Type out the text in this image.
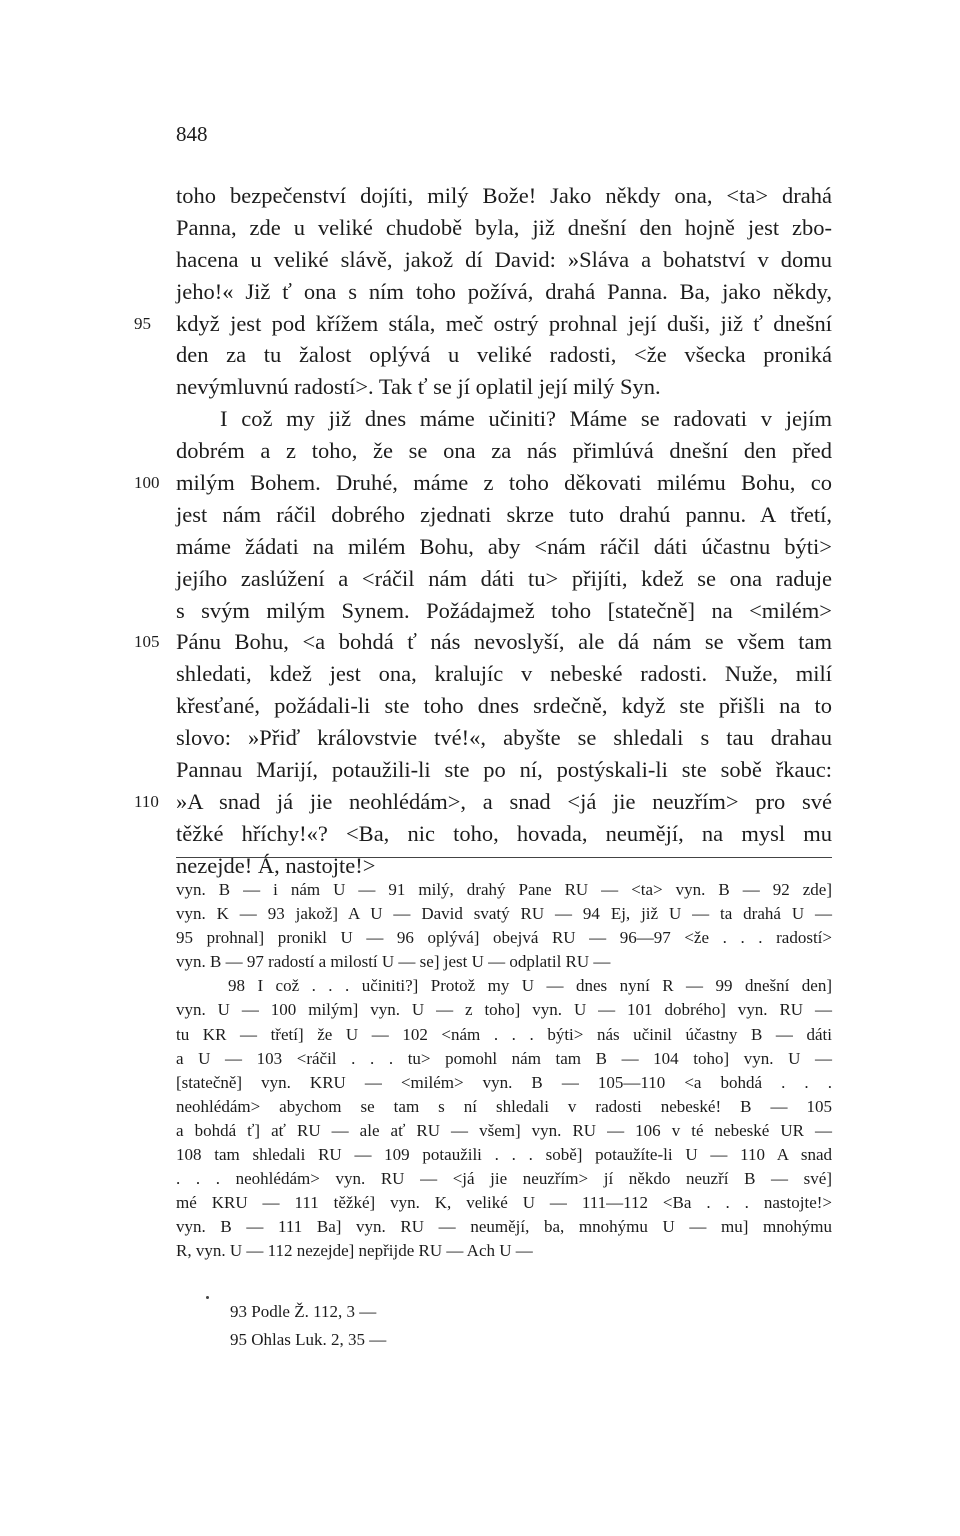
848
toho bezpečenství dojíti, milý Bože! Jako někdy ona, <ta> drahá
Panna, zde u veliké chudobě byla, již dnešní den hojně jest zbo-
hacena u veliké slávě, jakož dí David: »Sláva a bohatství v domu
jeho!« Již ť ona s ním toho požívá, drahá Panna. Ba, jako někdy,
95	když jest pod křížem stála, meč ostrý prohnal její duši, již ť dnešní
den za tu žalost oplývá u veliké radosti, <že všecka proniká
nevýmluvnú radostí>. Tak ť se jí oplatil její milý Syn.
I což my již dnes máme učiniti? Máme se radovati v jejím
dobrém a z toho, že se ona za nás přimlúvá dnešní den před
100 milým Bohem. Druhé, máme z toho děkovati milému Bohu, co
jest nám ráčil dobrého zjednati skrze tuto drahú pannu. A třetí,
máme žádati na milém Bohu, aby <nám ráčil dáti účastnu býti>
jejího zaslúžení a <ráčil nám dáti tu> přijíti, kdež se ona raduje
s svým milým Synem. Požádajmež toho [statečně] na <milém>
105 Pánu Bohu, <a bohdá ť nás nevoslyší, ale dá nám se všem tam
shledati, kdež jest ona, kralujíc v nebeské radosti. Nuže, milí
křesťané, požádali-li ste toho dnes srdečně, když ste přišli na to
slovo: »Přiď královstvie tvé!«, abyšte se shledali s tau drahau
Pannau Marijí, potaužili-li ste po ní, postýskali-li ste sobě řkauc:
110 »A snad já jie neohlédám>, a snad <já jie neuzřím> pro své
těžké hříchy!«? <Ba, nic toho, hovada, neumějí, na mysl mu
nezejde! Á, nastojte!>
vyn. B — i nám U — 91 milý, drahý Pane RU — <ta> vyn. B — 92 zde]
vyn. K — 93 jakož] A U — David svatý RU — 94 Ej, již U — ta drahá U —
95 prohnal] pronikl U — 96 oplývá] obejvá RU — 96—97 <že . . . radostí>
vyn. B — 97 radostí a milostí U — se] jest U — odplatil RU —
98 I což . . . učiniti?] Protož my U — dnes nyní R — 99 dnešní den]
vyn. U — 100 milým] vyn. U — z toho] vyn. U — 101 dobrého] vyn. RU —
tu KR — třetí] že U — 102 <nám . . . býti> nás učinil účastny B — dáti
a U — 103 <ráčil . . . tu> pomohl nám tam B — 104 toho] vyn. U —
[statečně] vyn. KRU — <milém> vyn. B — 105—110 <a bohdá . . .
neohlédám> abychom se tam s ní shledali v radosti nebeské! B — 105
a bohdá ť] ať RU — ale ať RU — všem] vyn. RU — 106 v té nebeské UR —
108 tam shledali RU — 109 potaužili . . . sobě] potaužíte-li U — 110 A snad
. . . neohlédám> vyn. RU — <já jie neuzřím> jí někdo neuzří B — své]
mé KRU — 111 těžké] vyn. K, veliké U — 111—112 <Ba . . . nastojte!>
vyn. B — 111 Ba] vyn. RU — neumějí, ba, mnohýmu U — mu] mnohýmu
R, vyn. U — 112 nezejde] nepřijde RU — Ach U —
93 Podle Ž. 112, 3 —
95 Ohlas Luk. 2, 35 —
